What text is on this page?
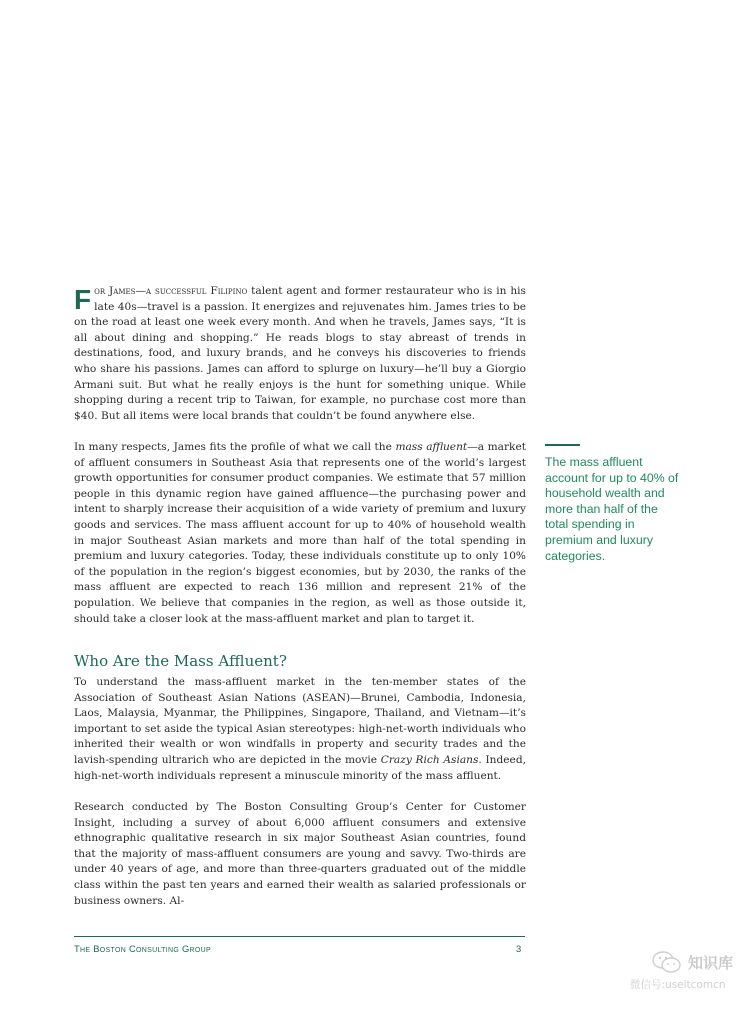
For James—a successful Filipino talent agent and former restaurateur who is in his late 40s—travel is a passion. It energizes and rejuvenates him. James tries to be on the road at least one week every month. And when he travels, James says, “It is all about dining and shopping.” He reads blogs to stay abreast of trends in destinations, food, and luxury brands, and he conveys his discoveries to friends who share his passions. James can afford to splurge on luxury—he’ll buy a Giorgio Armani suit. But what he really enjoys is the hunt for something unique. While shopping during a recent trip to Taiwan, for example, no purchase cost more than $40. But all items were local brands that couldn’t be found anywhere else.
In many respects, James fits the profile of what we call the mass affluent—a market of affluent consumers in Southeast Asia that represents one of the world’s largest growth opportunities for consumer product companies. We estimate that 57 million people in this dynamic region have gained affluence—the purchasing power and intent to sharply increase their acquisition of a wide variety of premium and luxury goods and services. The mass affluent account for up to 40% of household wealth in major Southeast Asian markets and more than half of the total spending in premium and luxury categories. Today, these individuals constitute up to only 10% of the population in the region’s biggest economies, but by 2030, the ranks of the mass affluent are expected to reach 136 million and represent 21% of the population. We believe that companies in the region, as well as those outside it, should take a closer look at the mass-affluent market and plan to target it.
Who Are the Mass Affluent?
To understand the mass-affluent market in the ten-member states of the Association of Southeast Asian Nations (ASEAN)—Brunei, Cambodia, Indonesia, Laos, Malaysia, Myanmar, the Philippines, Singapore, Thailand, and Vietnam—it’s important to set aside the typical Asian stereotypes: high-net-worth individuals who inherited their wealth or won windfalls in property and security trades and the lavish-spending ultrarich who are depicted in the movie Crazy Rich Asians. Indeed, high-net-worth individuals represent a minuscule minority of the mass affluent.
Research conducted by The Boston Consulting Group’s Center for Customer Insight, including a survey of about 6,000 affluent consumers and extensive ethnographic qualitative research in six major Southeast Asian countries, found that the majority of mass-affluent consumers are young and savvy. Two-thirds are under 40 years of age, and more than three-quarters graduated out of the middle class within the past ten years and earned their wealth as salaried professionals or business owners. Al-
The mass affluent account for up to 40% of household wealth and more than half of the total spending in premium and luxury categories.
The Boston Consulting Group	3
知识库
微信号:useitcomcn
